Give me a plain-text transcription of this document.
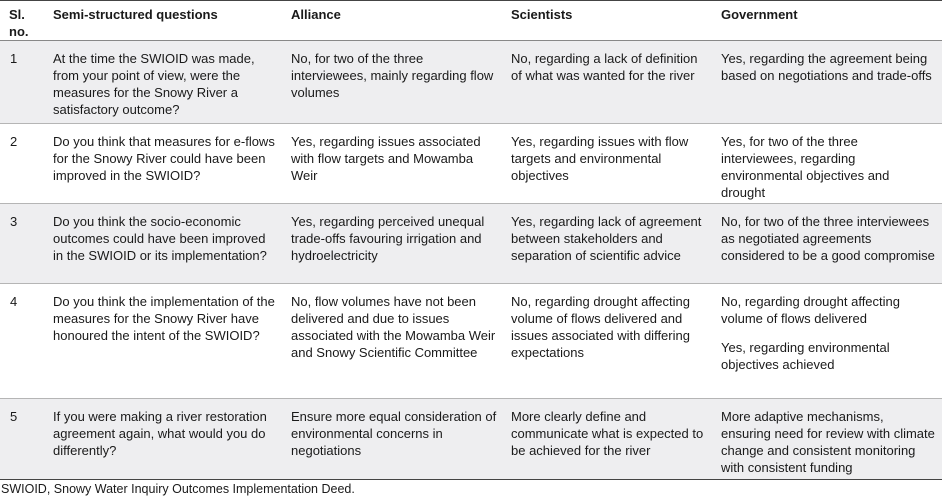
Sl. no.	Semi-structured questions	Alliance	Scientists	Government
1	At the time the SWIOID was made, from your point of view, were the measures for the Snowy River a satisfactory outcome?	No, for two of the three interviewees, mainly regarding flow volumes	No, regarding a lack of definition of what was wanted for the river	Yes, regarding the agreement being based on negotiations and trade-offs
2	Do you think that measures for e-flows for the Snowy River could have been improved in the SWIOID?	Yes, regarding issues associated with flow targets and Mowamba Weir	Yes, regarding issues with flow targets and environmental objectives	Yes, for two of the three interviewees, regarding environmental objectives and drought
3	Do you think the socio-economic outcomes could have been improved in the SWIOID or its implementation?	Yes, regarding perceived unequal trade-offs favouring irrigation and hydroelectricity	Yes, regarding lack of agreement between stakeholders and separation of scientific advice	No, for two of the three interviewees as negotiated agreements considered to be a good compromise
4	Do you think the implementation of the measures for the Snowy River have honoured the intent of the SWIOID?	No, flow volumes have not been delivered and due to issues associated with the Mowamba Weir and Snowy Scientific Committee	No, regarding drought affecting volume of flows delivered and issues associated with differing expectations	No, regarding drought affecting volume of flows delivered
Yes, regarding environmental objectives achieved

5	If you were making a river restoration agreement again, what would you do differently?	Ensure more equal consideration of environmental concerns in negotiations	More clearly define and communicate what is expected to be achieved for the river	More adaptive mechanisms, ensuring need for review with climate change and consistent monitoring with consistent funding
SWIOID, Snowy Water Inquiry Outcomes Implementation Deed.
